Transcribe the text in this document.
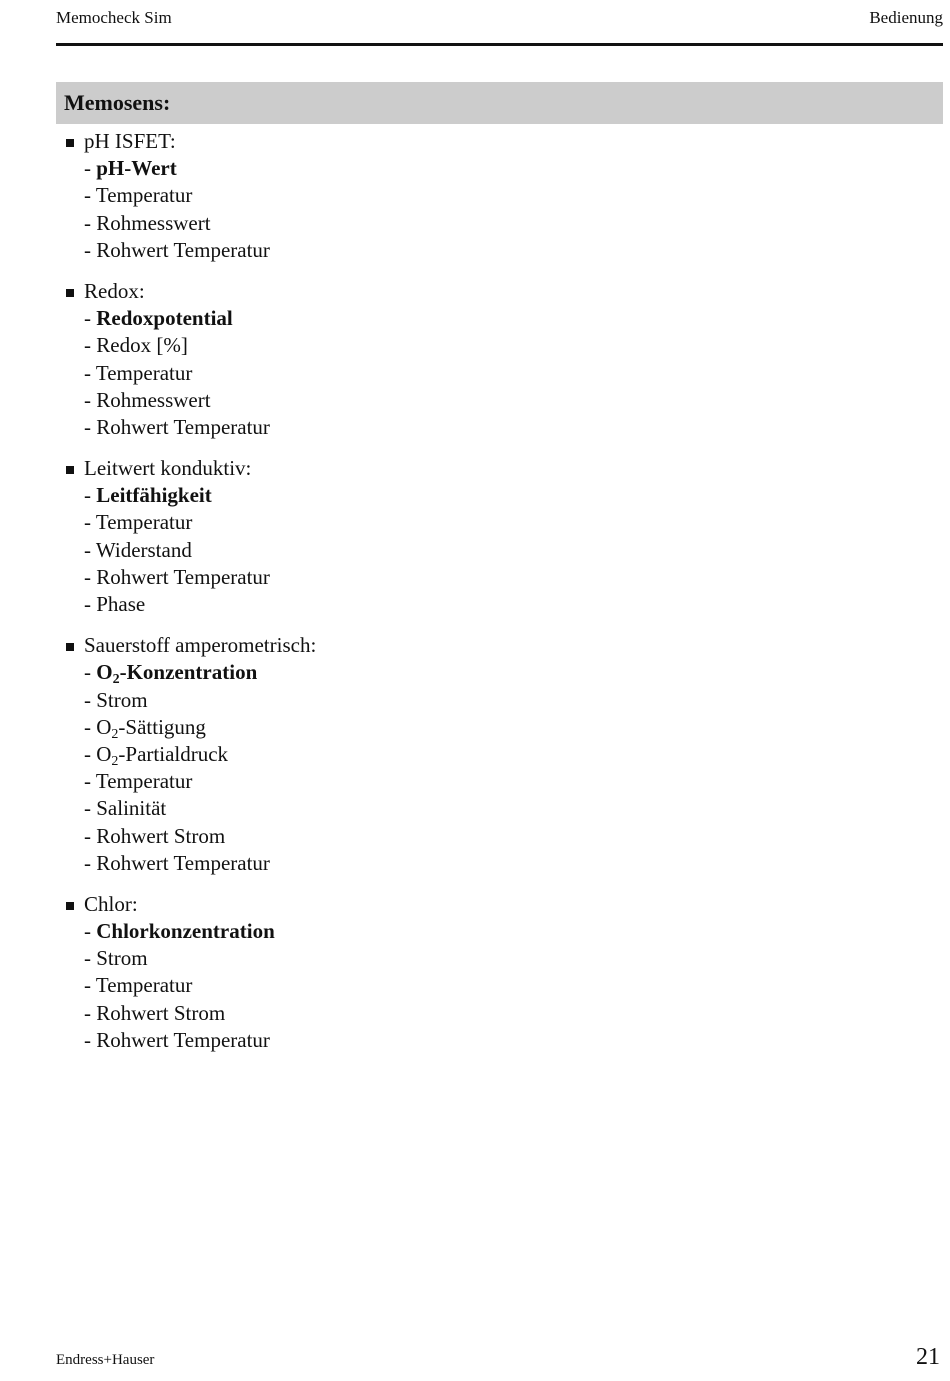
Memocheck Sim	Bedienung
Memosens:
pH ISFET:
- pH-Wert
- Temperatur
- Rohmesswert
- Rohwert Temperatur
Redox:
- Redoxpotential
- Redox [%]
- Temperatur
- Rohmesswert
- Rohwert Temperatur
Leitwert konduktiv:
- Leitfähigkeit
- Temperatur
- Widerstand
- Rohwert Temperatur
- Phase
Sauerstoff amperometrisch:
- $O_2$-Konzentration
- Strom
- $O_2$-Sättigung
- $O_2$-Partialdruck
- Temperatur
- Salinität
- Rohwert Strom
- Rohwert Temperatur
Chlor:
- Chlorkonzentration
- Strom
- Temperatur
- Rohwert Strom
- Rohwert Temperatur
Endress+Hauser	21
